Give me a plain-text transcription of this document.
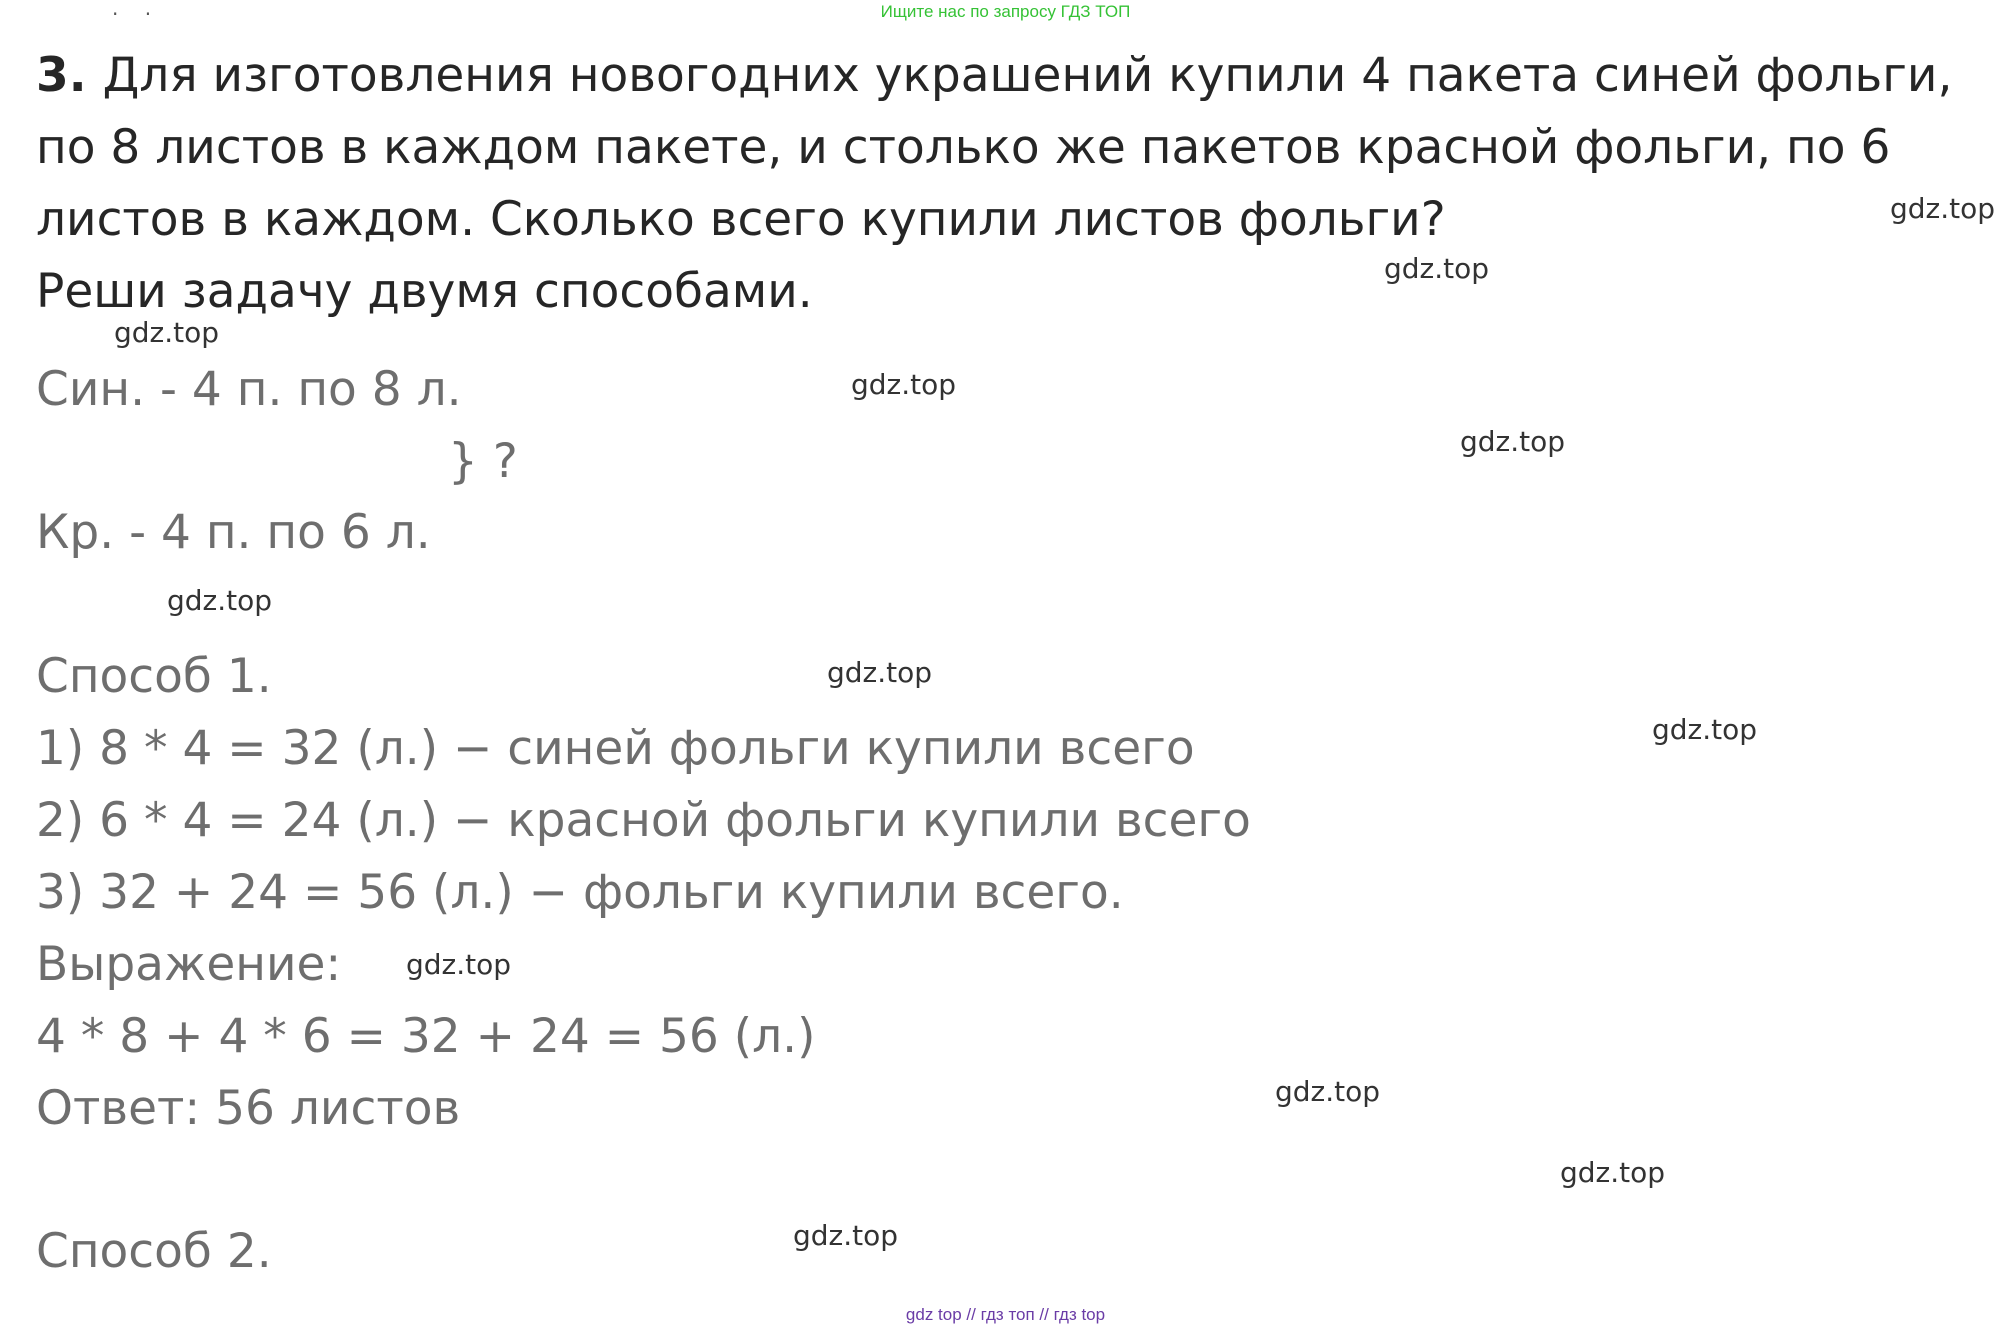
Ищите нас по запросу ГДЗ ТОП
· ·
3. Для изготовления новогодних украшений купили 4 пакета синей фольги, по 8 листов в каждом пакете, и столько же пакетов красной фольги, по 6 листов в каждом. Сколько всего купили листов фольги?
Реши задачу двумя способами.
Син. - 4 п. по 8 л.
} ?
Кр. - 4 п. по 6 л.
Способ 1.
1) 8 * 4 = 32 (л.) − синей фольги купили всего
2) 6 * 4 = 24 (л.) − красной фольги купили всего
3) 32 + 24 = 56 (л.) − фольги купили всего.
Выражение:
4 * 8 + 4 * 6 = 32 + 24 = 56 (л.)
Ответ: 56 листов
Способ 2.
gdz.top
gdz.top
gdz.top
gdz.top
gdz.top
gdz.top
gdz.top
gdz.top
gdz.top
gdz.top
gdz.top
gdz.top
gdz top // гдз топ // гдз top
